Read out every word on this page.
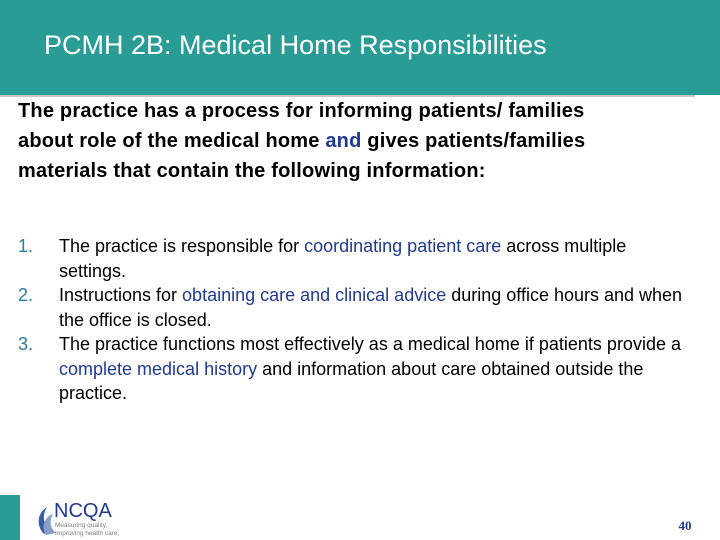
PCMH 2B: Medical Home Responsibilities
The practice has a process for informing patients/ families about role of the medical home and gives patients/families materials that contain the following information:
1. The practice is responsible for coordinating patient care across multiple settings.
2. Instructions for obtaining care and clinical advice during office hours and when the office is closed.
3. The practice functions most effectively as a medical home if patients provide a complete medical history and information about care obtained outside the practice.
NCQA
Measuring quality.
Improving health care.
40
